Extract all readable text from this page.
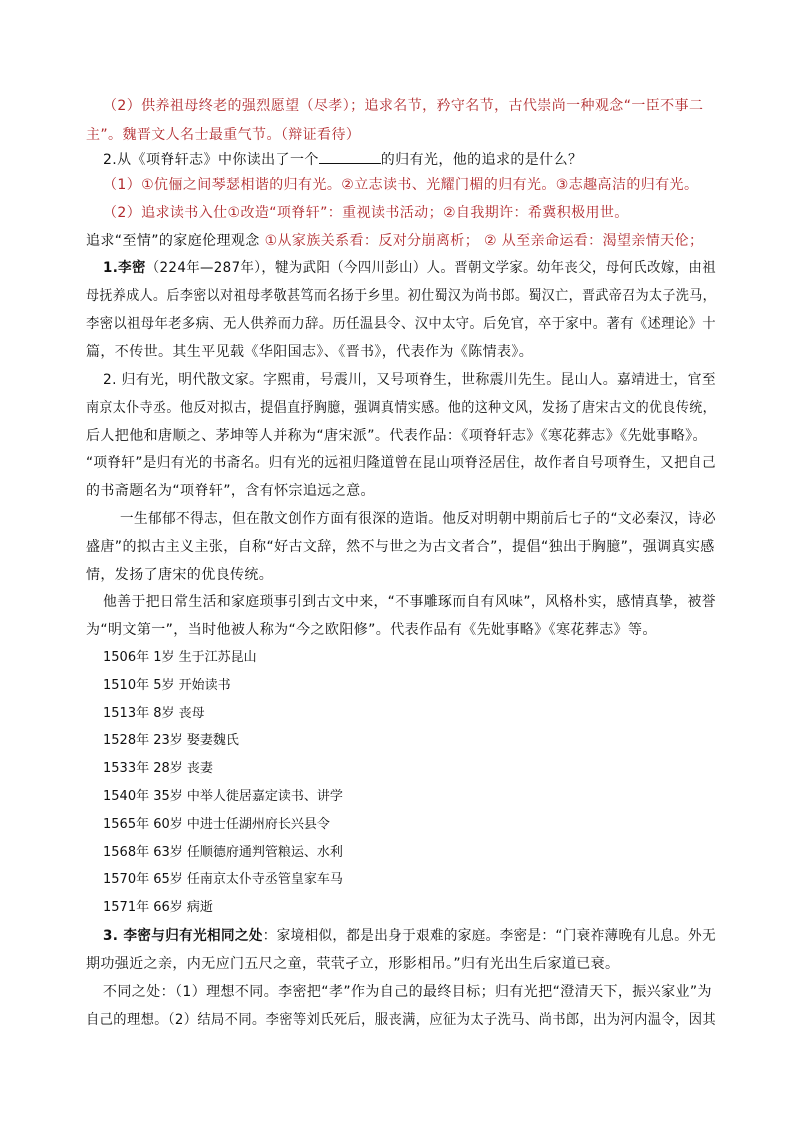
（2）供养祖母终老的强烈愿望（尽孝）；追求名节，矜守名节，古代崇尚一种观念“一臣不事二
主”。魏晋文人名士最重气节。（辩证看待）
2.从《项脊轩志》中你读出了一个	的归有光，他的追求的是什么？
（1）①伉俪之间琴瑟相谐的归有光。②立志读书、光耀门楣的归有光。③志趣高洁的归有光。
（2）追求读书入仕①改造“项脊轩”：重视读书活动；②自我期许：希冀积极用世。
追求“至情”的家庭伦理观念 ①从家族关系看：反对分崩离析； ② 从至亲命运看：渴望亲情天伦；
1.李密（224年—287年），犍为武阳（今四川彭山）人。晋朝文学家。幼年丧父，母何氏改嫁，由祖
母抚养成人。后李密以对祖母孝敬甚笃而名扬于乡里。初仕蜀汉为尚书郎。蜀汉亡，晋武帝召为太子洗马，
李密以祖母年老多病、无人供养而力辞。历任温县令、汉中太守。后免官，卒于家中。著有《述理论》十
篇，不传世。其生平见载《华阳国志》、《晋书》，代表作为《陈情表》。
2. 归有光，明代散文家。字熙甫，号震川，又号项脊生，世称震川先生。昆山人。嘉靖进士，官至
南京太仆寺丞。他反对拟古，提倡直抒胸臆，强调真情实感。他的这种文风，发扬了唐宋古文的优良传统，
后人把他和唐顺之、茅坤等人并称为“唐宋派”。代表作品：《项脊轩志》《寒花葬志》《先妣事略》。
“项脊轩”是归有光的书斋名。归有光的远祖归隆道曾在昆山项脊泾居住，故作者自号项脊生，又把自己
的书斋题名为“项脊轩”，含有怀宗追远之意。
一生郁郁不得志，但在散文创作方面有很深的造诣。他反对明朝中期前后七子的“文必秦汉，诗必
盛唐”的拟古主义主张，自称“好古文辞，然不与世之为古文者合”，提倡“独出于胸臆”，强调真实感
情，发扬了唐宋的优良传统。
他善于把日常生活和家庭琐事引到古文中来，“不事雕琢而自有风味”，风格朴实，感情真挚，被誉
为“明文第一”，当时他被人称为“今之欧阳修”。代表作品有《先妣事略》《寒花葬志》等。
1506年 1岁 生于江苏昆山
1510年 5岁 开始读书
1513年 8岁 丧母
1528年 23岁 娶妻魏氏
1533年 28岁 丧妻
1540年 35岁 中举人徙居嘉定读书、讲学
1565年 60岁 中进士任湖州府长兴县令
1568年 63岁 任顺德府通判管粮运、水利
1570年 65岁 任南京太仆寺丞管皇家车马
1571年 66岁 病逝
3. 李密与归有光相同之处：家境相似，都是出身于艰难的家庭。李密是：“门衰祚薄晚有儿息。外无
期功强近之亲，内无应门五尺之童，茕茕孑立，形影相吊。”归有光出生后家道已衰。
不同之处：（1）理想不同。李密把“孝”作为自己的最终目标；归有光把“澄清天下，振兴家业”为
自己的理想。（2）结局不同。李密等刘氏死后，服丧满，应征为太子洗马、尚书郎，出为河内温令，因其
